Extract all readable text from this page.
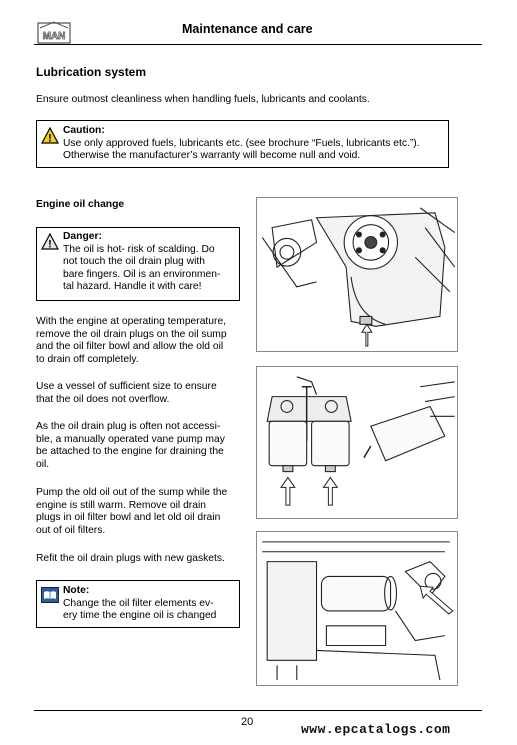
MAN
Maintenance and care
Lubrication system
Ensure outmost cleanliness when handling fuels, lubricants and coolants.
!
Caution:
Use only approved fuels, lubricants etc. (see brochure “Fuels, lubricants etc.”).
Otherwise the manufacturer’s warranty will become null and void.
Engine oil change
!
Danger:
The oil is hot- risk of scalding. Do
not touch the oil drain plug with
bare fingers. Oil is an environmen-
tal hazard. Handle it with care!
With the engine at operating temperature,
remove the oil drain plugs on the oil sump
and the oil filter bowl and allow the old oil
to drain off completely.
Use a vessel of sufficient size to ensure
that the oil does not overflow.
As the oil drain plug is often not accessi-
ble, a manually operated vane pump may
be attached to the engine for draining the
oil.
Pump the old oil out of the sump while the
engine is still warm. Remove oil drain
plugs in oil filter bowl and let old oil drain
out of oil filters.
Refit the oil drain plugs with new gaskets.
Note:
Change the oil filter elements ev-
ery time the engine oil is changed
20	www.epcatalogs.com
